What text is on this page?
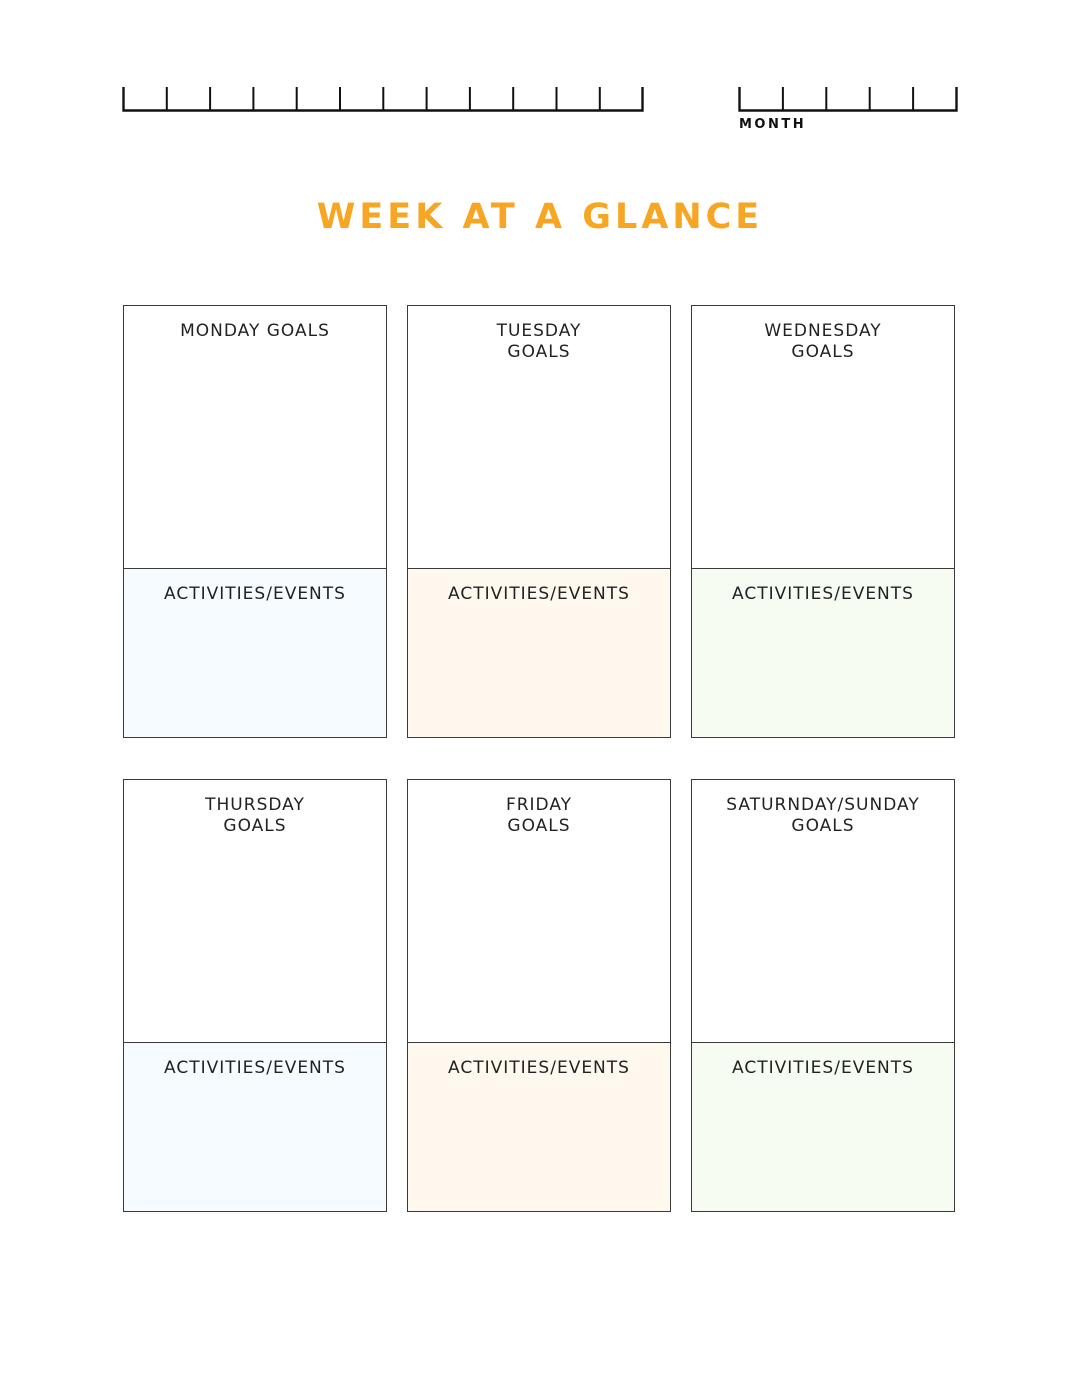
MONTH
WEEK AT A GLANCE
MONDAY GOALS
ACTIVITIES/EVENTS
TUESDAY
GOALS
ACTIVITIES/EVENTS
WEDNESDAY
GOALS
ACTIVITIES/EVENTS
THURSDAY
GOALS
ACTIVITIES/EVENTS
FRIDAY
GOALS
ACTIVITIES/EVENTS
SATURNDAY/SUNDAY
GOALS
ACTIVITIES/EVENTS
